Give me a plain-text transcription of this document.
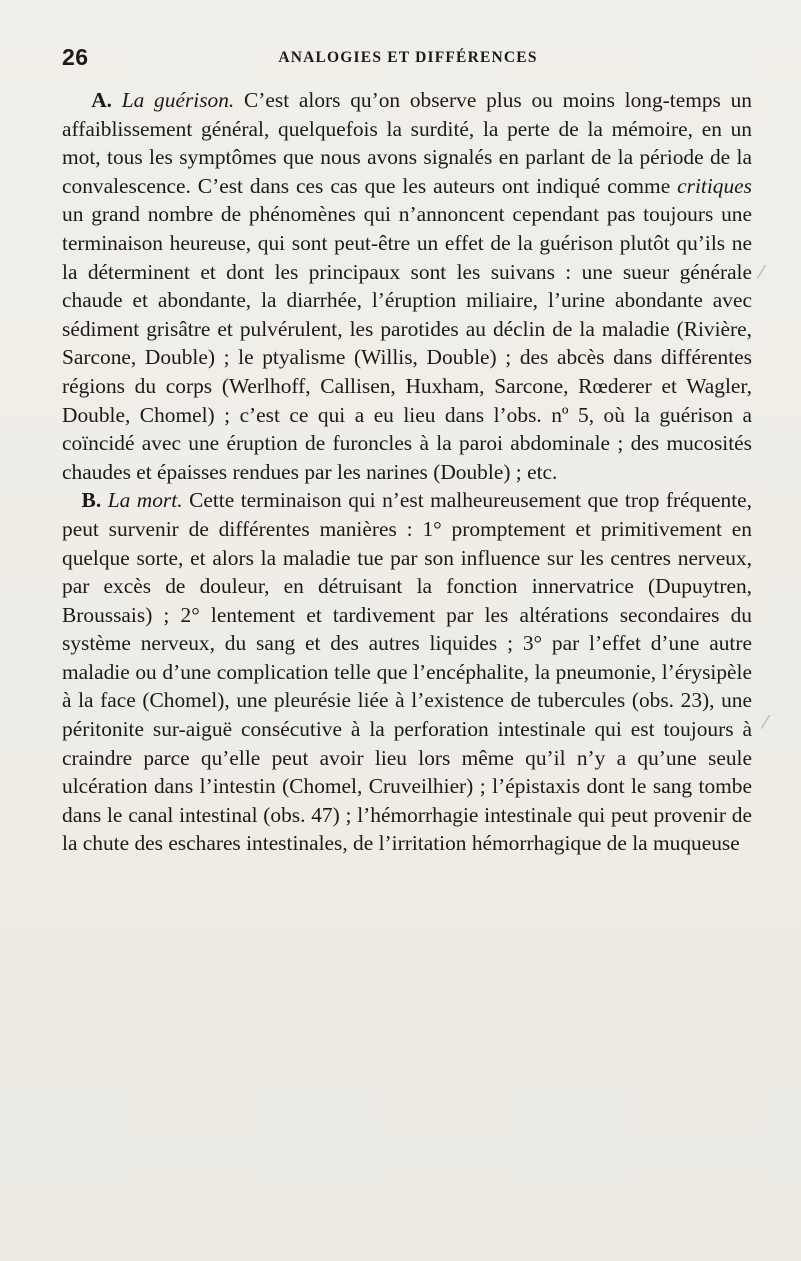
26	ANALOGIES ET DIFFÉRENCES

A. La guérison. C’est alors qu’on observe plus ou moins long-temps un affaiblissement général, quelquefois la surdité, la perte de la mémoire, en un mot, tous les symptômes que nous avons signalés en parlant de la période de la convalescence. C’est dans ces cas que les auteurs ont indiqué comme critiques un grand nombre de phénomènes qui n’annoncent cependant pas toujours une terminaison heureuse, qui sont peut-être un effet de la guérison plutôt qu’ils ne la déterminent et dont les principaux sont les suivans : une sueur générale chaude et abondante, la diarrhée, l’éruption miliaire, l’urine abondante avec sédiment grisâtre et pulvérulent, les parotides au déclin de la maladie (Rivière, Sarcone, Double) ; le ptyalisme (Willis, Double) ; des abcès dans différentes régions du corps (Werlhoff, Callisen, Huxham, Sarcone, Rœderer et Wagler, Double, Chomel) ; c’est ce qui a eu lieu dans l’obs. nº 5, où la guérison a coïncidé avec une éruption de furoncles à la paroi abdominale ; des mucosités chaudes et épaisses rendues par les narines (Double) ; etc.

B. La mort. Cette terminaison qui n’est malheureusement que trop fréquente, peut survenir de différentes manières : 1° promptement et primitivement en quelque sorte, et alors la maladie tue par son influence sur les centres nerveux, par excès de douleur, en détruisant la fonction innervatrice (Dupuytren, Broussais) ; 2° lentement et tardivement par les altérations secondaires du système nerveux, du sang et des autres liquides ; 3° par l’effet d’une autre maladie ou d’une complication telle que l’encéphalite, la pneumonie, l’érysipèle à la face (Chomel), une pleurésie liée à l’existence de tubercules (obs. 23), une péritonite sur-aiguë consécutive à la perforation intestinale qui est toujours à craindre parce qu’elle peut avoir lieu lors même qu’il n’y a qu’une seule ulcération dans l’intestin (Chomel, Cruveilhier) ; l’épistaxis dont le sang tombe dans le canal intestinal (obs. 47) ; l’hémorrhagie intestinale qui peut provenir de la chute des eschares intestinales, de l’irritation hémorrhagique de la muqueuse

⁄
⁄
